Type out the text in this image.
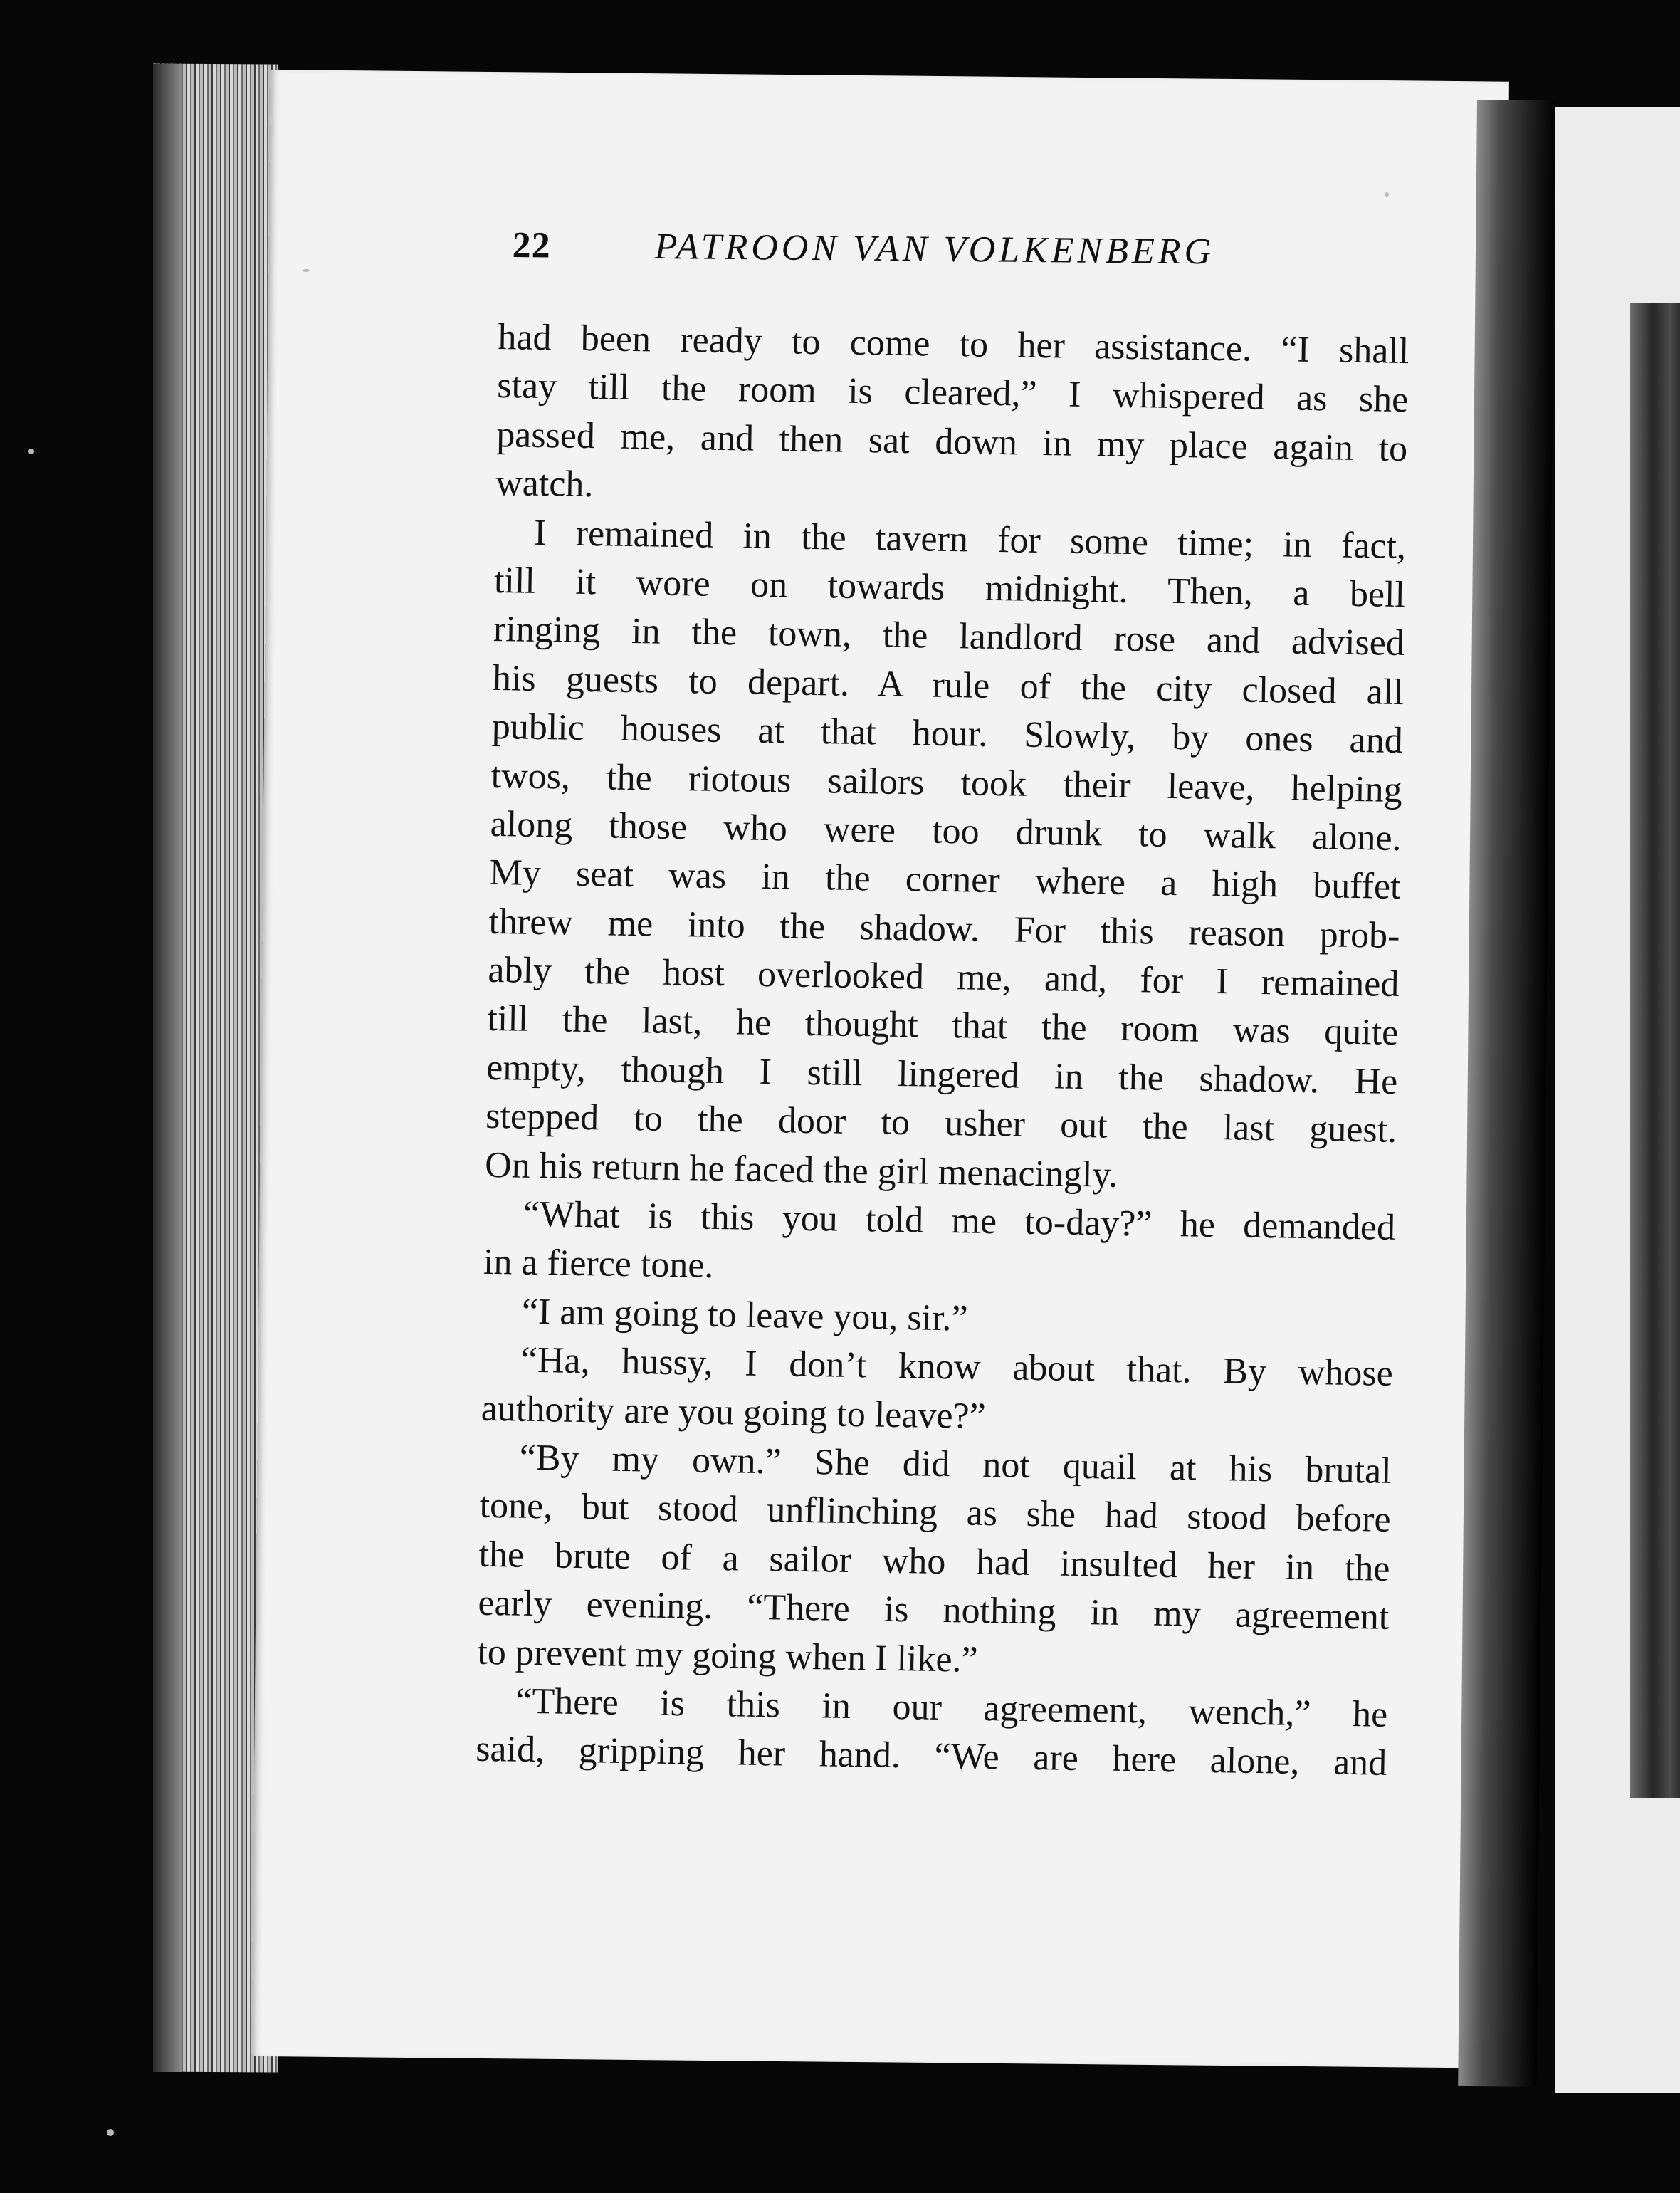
22	PATROON VAN VOLKENBERG
had been ready to come to her assistance. “I shall
stay till the room is cleared,” I whispered as she
passed me, and then sat down in my place again to
watch.
I remained in the tavern for some time; in fact,
till it wore on towards midnight. Then, a bell
ringing in the town, the landlord rose and advised
his guests to depart. A rule of the city closed all
public houses at that hour. Slowly, by ones and
twos, the riotous sailors took their leave, helping
along those who were too drunk to walk alone.
My seat was in the corner where a high buffet
threw me into the shadow. For this reason prob-
ably the host overlooked me, and, for I remained
till the last, he thought that the room was quite
empty, though I still lingered in the shadow. He
stepped to the door to usher out the last guest.
On his return he faced the girl menacingly.
“What is this you told me to-day?” he demanded
in a fierce tone.
“I am going to leave you, sir.”
“Ha, hussy, I don’t know about that. By whose
authority are you going to leave?”
“By my own.” She did not quail at his brutal
tone, but stood unflinching as she had stood before
the brute of a sailor who had insulted her in the
early evening. “There is nothing in my agreement
to prevent my going when I like.”
“There is this in our agreement, wench,” he
said, gripping her hand. “We are here alone, and
